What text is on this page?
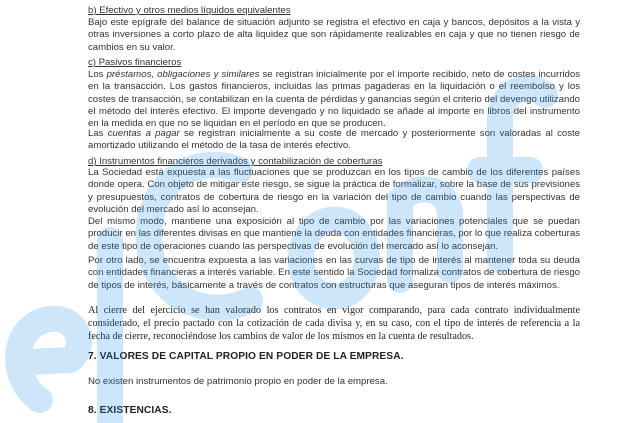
b) Efectivo y otros medios líquidos equivalentes

Bajo este epígrafe del balance de situación adjunto se registra el efectivo en caja y bancos, depósitos a la vista y otras inversiones a corto plazo de alta liquidez que son rápidamente realizables en caja y que no tienen riesgo de cambios en su valor.

c) Pasivos financieros

Los préstamos, obligaciones y similares se registran inicialmente por el importe recibido, neto de costes incurridos en la transacción. Los gastos financieros, incluidas las primas pagaderas en la liquidación o el reembolso y los costes de transacción, se contabilizan en la cuenta de pérdidas y ganancias según el criterio del devengo utilizando el método del interés efectivo. El importe devengado y no liquidado se añade al importe en libros del instrumento en la medida en que no se liquidan en el período en que se producen.

Las cuentas a pagar se registran inicialmente a su coste de mercado y posteriormente son valoradas al coste amortizado utilizando el método de la tasa de interés efectivo.

d) Instrumentos financieros derivados y contabilización de coberturas

La Sociedad está expuesta a las fluctuaciones que se produzcan en los tipos de cambio de los diferentes países donde opera. Con objeto de mitigar este riesgo, se sigue la práctica de formalizar, sobre la base de sus previsiones y presupuestos, contratos de cobertura de riesgo en la variación del tipo de cambio cuando las perspectivas de evolución del mercado así lo aconsejan.

Del mismo modo, mantiene una exposición al tipo de cambio por las variaciones potenciales que se puedan producir en las diferentes divisas en que mantiene la deuda con entidades financieras, por lo que realiza coberturas de este tipo de operaciones cuando las perspectivas de evolución del mercado así lo aconsejan.

Por otro lado, se encuentra expuesta a las variaciones en las curvas de tipo de interés al mantener toda su deuda con entidades financieras a interés variable. En este sentido la Sociedad formaliza contratos de cobertura de riesgo de tipos de interés, básicamente a través de contratos con estructuras que aseguran tipos de interés máximos.

Al cierre del ejercicio se han valorado los contratos en vigor comparando, para cada contrato individualmente considerado, el precio pactado con la cotización de cada divisa y, en su caso, con el tipo de interés de referencia a la fecha de cierre, reconociéndose los cambios de valor de los mismos en la cuenta de resultados.

7. VALORES DE CAPITAL PROPIO EN PODER DE LA EMPRESA.

No existen instrumentos de patrimonio propio en poder de la empresa.

8. EXISTENCIAS.
